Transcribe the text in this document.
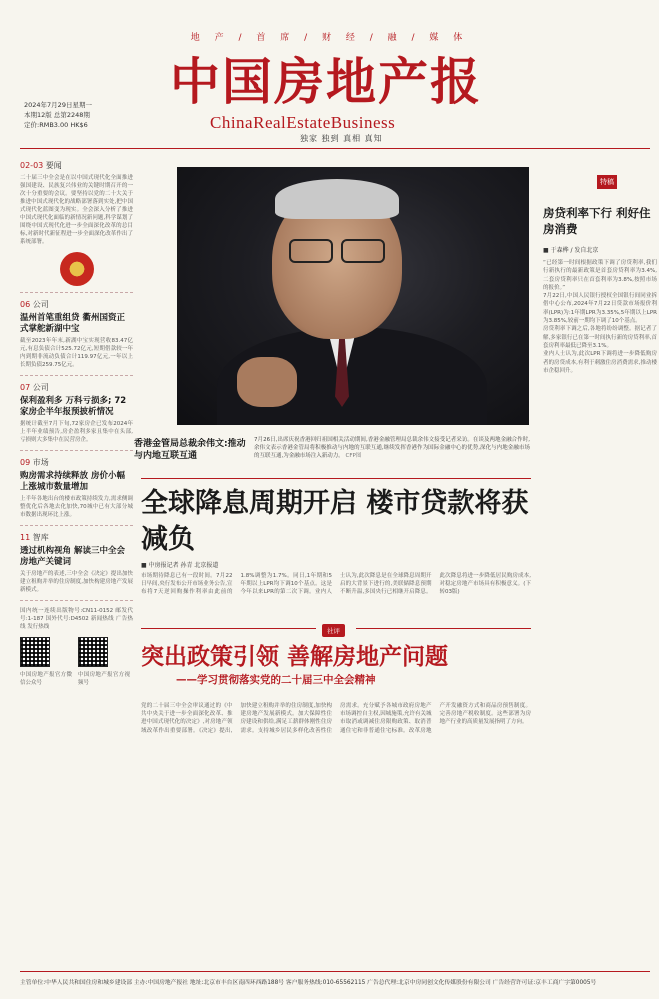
地 产 / 首 席 / 财 经 / 融 / 媒 体
中国房地产报
ChinaRealEstateBusiness
独家 独到 真相 真知
2024年7月29日星期一
本期12版 总第2248期
定价:RMB3.00 HK$6
02-03 要闻
二十届三中全会是在以中国式现代化全面推进强国建设、民族复兴伟业的关键时期召开的一次十分重要的会议。要坚持以党的二十大关于推进中国式现代化的战略部署落到实处,把中国式现代化蓝图变为现实。全会深入分析了推进中国式现代化面临的新情况新问题,科学谋划了围绕中国式现代化进一步全面深化改革的总目标,对新时代新征程进一步全面深化改革作出了系统部署。
06 公司
温州首笔重组贷 衢州国资正式掌舵新湖中宝
截至2023年年末,新湖中宝实现营收83.47亿元,有息负债合计525.72亿元,短期借款较一年内到期非流动负债合计119.97亿元,一年以上长期负债259.75亿元。
07 公司
保利盈利多 万科亏损多; 72家房企半年报预披析情况
据统计截至7月下旬,72家房企已发布2024年上半年业绩预告,房企盈利多家且集中在头部,亏损则大多集中在民营房企。
09 市场
购房需求持续释放 房价小幅上涨城市数量增加
上半年各地出台的楼市政策持续发力,需求侧调整优化后各地去化加快,70城中已有大部分城市数据出现环比上涨。
11 智库
透过机构视角 解读三中全会房地产关键词
关于房地产的表述,三中全会《决定》提出加快建立租购并举的住房制度,加快构建房地产发展新模式。
国内统一连续出版物号:CN11-0152 邮发代号:1-187 国外代号:D4502 新闻热线 广告热线 发行热线
中国房地产报官方微信公众号
中国房地产报官方视频号
香港金管局总裁余伟文:推动与内地互联互通
7月26日,出席庆祝香港回归祖国相关活动期间,香港金融管理局总裁余伟文接受记者采访。在谈及两地金融合作时,余伟文表示香港金管局将积极推动与内地的互联互通,继续发挥香港作为国际金融中心的优势,深化与内地金融市场的互联互通,为金融市场注入新动力。 CFP图
特稿
房贷利率下行 利好住房消费
■ 于森桦 / 发自北京
“已经第一时间根据政策下调了房贷利率,我们行新执行的最新政策是首套房贷利率为3.4%,二套房贷利率只在首套利率为3.8%,按照市场的报价。”
7月22日,中国人民银行授权全国银行间同业拆借中心公布,2024年7月22日贷款市场报价利率(LPR)为:1年期LPR为3.35%,5年期以上LPR为3.85%,较前一期均下调了10个基点。
房贷利率下调之后,各地将纷纷调整。据记者了解,多家银行已在第一时间执行新的房贷利率,首套房利率最低已降至3.1%。
业内人士认为,此次LPR下调将进一步降低购房者的房贷成本,有利于刺激住房消费需求,推动楼市企稳回升。
全球降息周期开启 楼市贷款将获减负
■ 中房报记者 孙青 北京报道
市场期待降息已有一段时间。7月22日早间,央行发布公开市场业务公告,宣布将7天逆回购操作利率由此前的1.8%调整为1.7%。同日,1年期和5年期以上LPR均下调10个基点。这是今年以来LPR的第二次下调。业内人士认为,此次降息是在全球降息周期开启的大背景下进行的,美联储降息预期不断升温,多国央行已相继开启降息。此次降息将进一步降低居民购房成本,对稳定房地产市场具有积极意义。(下转03版)
社评
突出政策引领 善解房地产问题
——学习贯彻落实党的二十届三中全会精神
党的二十届三中全会审议通过的《中共中央关于进一步全面深化改革、推进中国式现代化的决定》,对房地产领域改革作出重要部署。《决定》提出,加快建立租购并举的住房制度,加快构建房地产发展新模式。加大保障性住房建设和供给,满足工薪群体刚性住房需求。支持城乡居民多样化改善性住房需求。充分赋予各城市政府房地产市场调控自主权,因城施策,允许有关城市取消或调减住房限购政策、取消普通住宅和非普通住宅标准。改革房地产开发融资方式和商品房预售制度。完善房地产税收制度。这些部署为房地产行业的高质量发展指明了方向。
主管单位:中华人民共和国住房和城乡建设部 主办:中国房地产报社 地址:北京市丰台区南四环西路188号 客户服务热线:010-65562115 广告总代理:北京中房同创文化传媒股份有限公司 广告经营许可证:京丰工商广字第0005号
